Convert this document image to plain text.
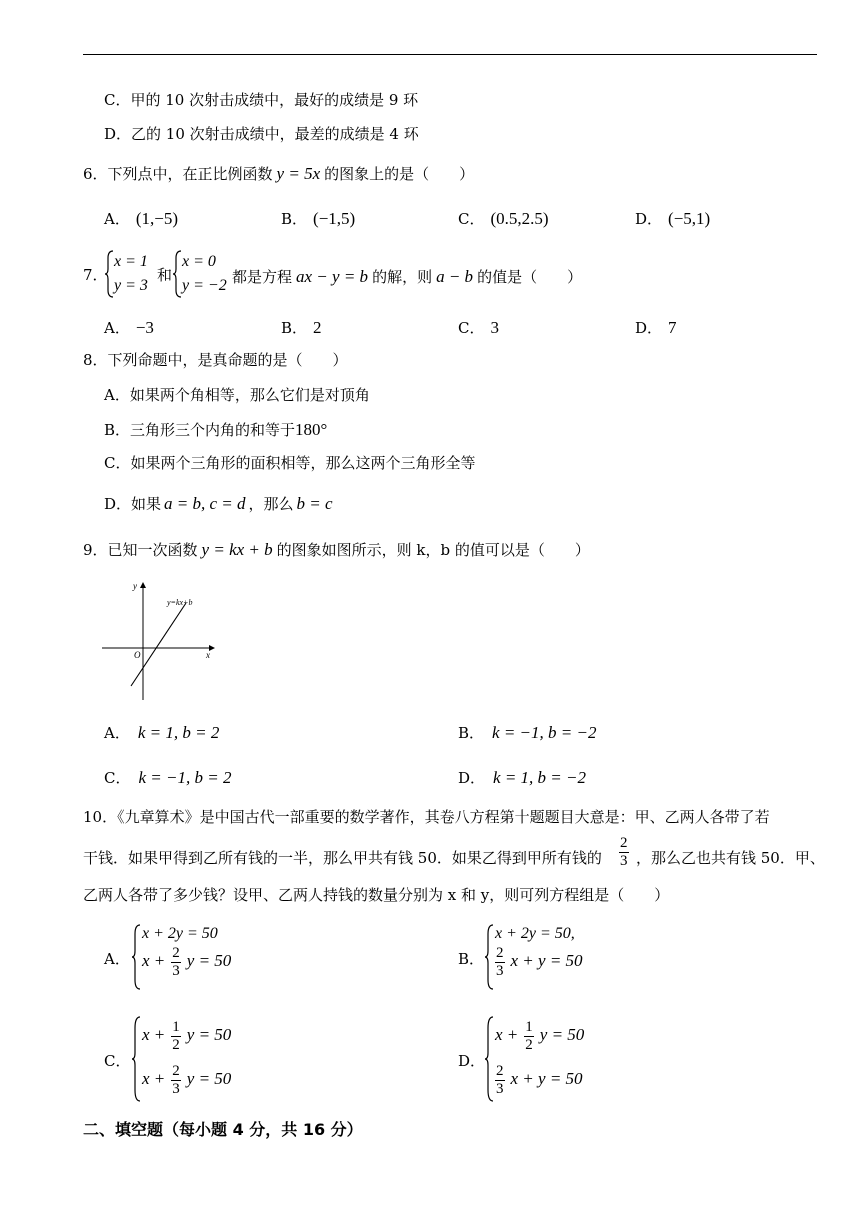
C．甲的 10 次射击成绩中，最好的成绩是 9 环
D．乙的 10 次射击成绩中，最差的成绩是 4 环
6．下列点中，在正比例函数 y = 5x 的图象上的是（　　）
A． (1,−5)	B． (−1,5)	C． (0.5,2.5)	D． (−5,1)
7．
x = 1
y = 3
和
x = 0
y = −2 都是方程 ax − y = b 的解，则 a − b 的值是（　　）
A． −3	B． 2	C． 3	D． 7
8．下列命题中，是真命题的是（　　）
A．如果两个角相等，那么它们是对顶角
B．三角形三个内角的和等于180°
C．如果两个三角形的面积相等，那么这两个三角形全等
D．如果 a = b, c = d ，那么 b = c
9．已知一次函数 y = kx + b 的图象如图所示，则 k，b 的值可以是（　　）
y
x
O
y=kx+b
A． k = 1, b = 2	B． k = −1, b = −2
C． k = −1, b = 2	D． k = 1, b = −2
10．《九章算术》是中国古代一部重要的数学著作，其卷八方程第十题题目大意是：甲、乙两人各带了若
干钱．如果甲得到乙所有钱的一半，那么甲共有钱 50．如果乙得到甲所有钱的 $\frac{2}{3}$ ，那么乙也共有钱 50．甲、
乙两人各带了多少钱？设甲、乙两人持钱的数量分别为 x 和 y，则可列方程组是（　　）
A．
x + 2y = 50
$x + \frac{2}{3}$ y = 50	B．
x + 2y = 50,
$\frac{2}{3}$ x + y = 50
C．
$x + \frac{1}{2}$ y = 50
$x + \frac{2}{3}$ y = 50
D．
$x + \frac{1}{2}$ y = 50
$\frac{2}{3}$ x + y = 50
二、填空题（每小题 4 分，共 16 分）
